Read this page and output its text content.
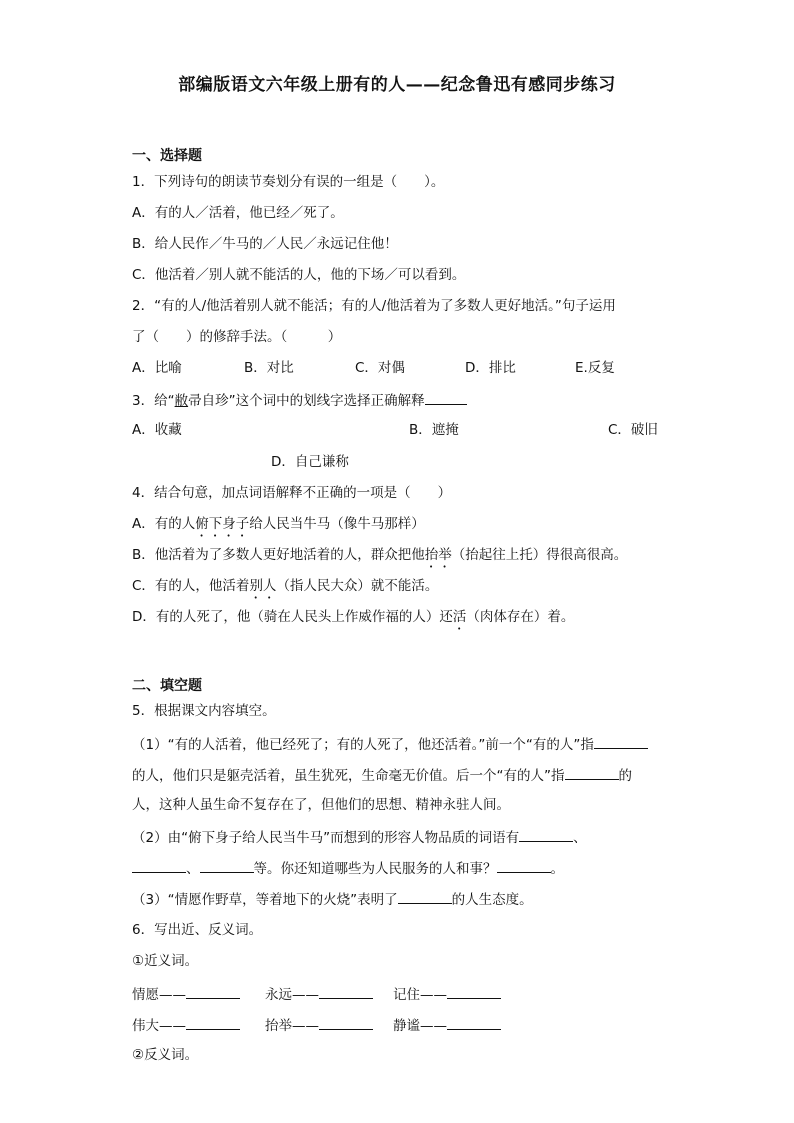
部编版语文六年级上册有的人——纪念鲁迅有感同步练习
一、选择题
1．下列诗句的朗读节奏划分有误的一组是（　　）。
A．有的人／活着，他已经／死了。
B．给人民作／牛马的／人民／永远记住他！
C．他活着／别人就不能活的人，他的下场／可以看到。
2．“有的人/他活着别人就不能活；有的人/他活着为了多数人更好地活。”句子运用
了（　　）的修辞手法。（　　　）
A．比喻	B．对比	C．对偶	D．排比	E.反复
3．给“敝帚自珍”这个词中的划线字选择正确解释
A．收藏	B．遮掩	C．破旧
D．自己谦称
4．结合句意，加点词语解释不正确的一项是（　　）
A．有的人俯下身子给人民当牛马（像牛马那样）
B．他活着为了多数人更好地活着的人，群众把他抬举（抬起往上托）得很高很高。
C．有的人，他活着别人（指人民大众）就不能活。
D．有的人死了，他（骑在人民头上作威作福的人）还活（肉体存在）着。
二、填空题
5．根据课文内容填空。
（1）“有的人活着，他已经死了；有的人死了，他还活着。”前一个“有的人”指
的人，他们只是躯壳活着，虽生犹死，生命毫无价值。后一个“有的人”指	的
人，这种人虽生命不复存在了，但他们的思想、精神永驻人间。
（2）由“俯下身子给人民当牛马”而想到的形容人物品质的词语有	、
、	等。你还知道哪些为人民服务的人和事？	。
（3）“情愿作野草，等着地下的火烧”表明了	的人生态度。
6．写出近、反义词。
①近义词。
情愿——	永远——	记住——
伟大——	抬举——	静谧——
②反义词。
